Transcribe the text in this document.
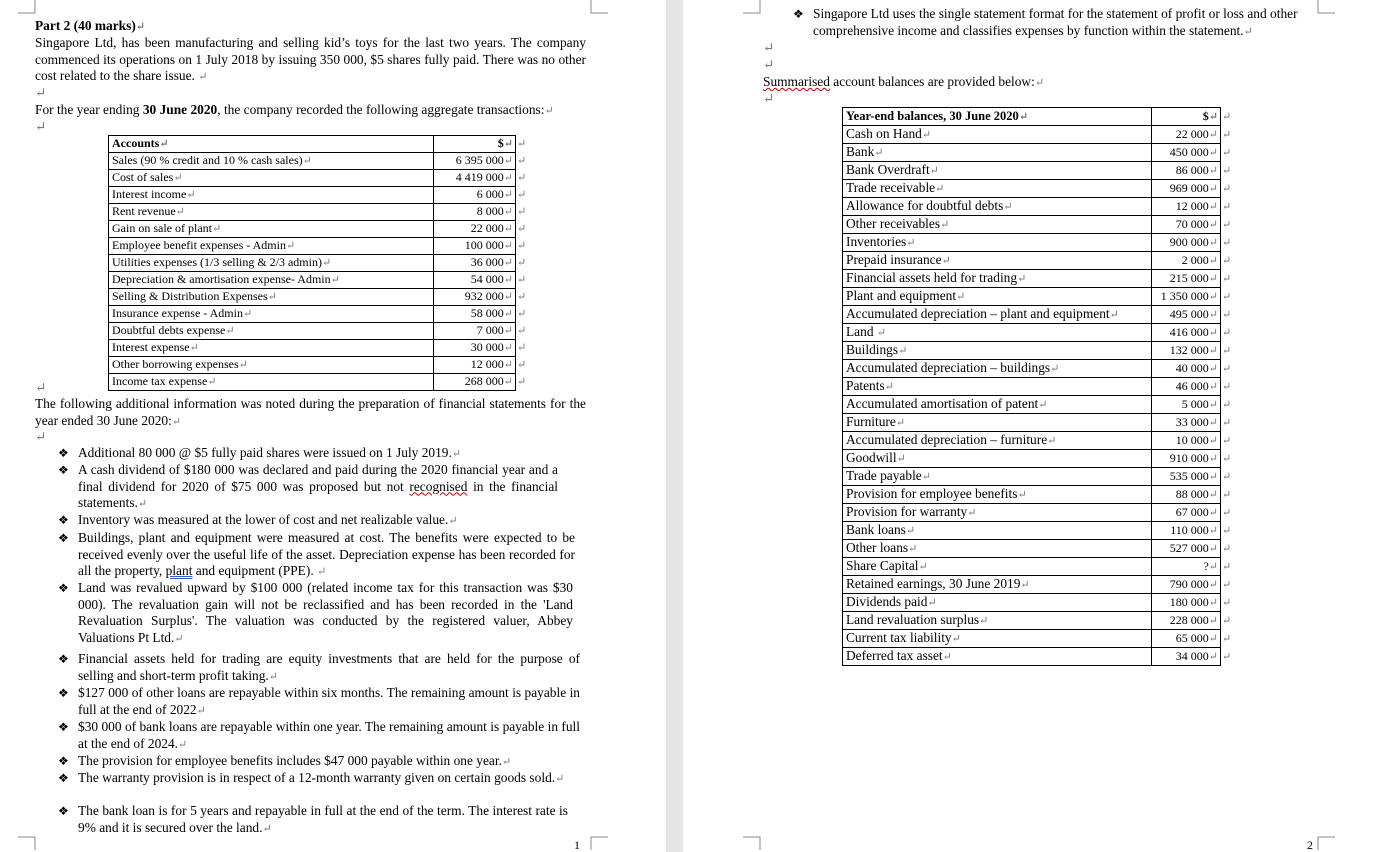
Part 2 (40 marks)↵
Singapore Ltd, has been manufacturing and selling kid’s toys for the last two years. The company commenced its operations on 1 July 2018 by issuing 350 000, $5 shares fully paid. There was no other cost related to the share issue. ↵
↵
For the year ending 30 June 2020, the company recorded the following aggregate transactions:↵
↵
Accounts↵	$↵	↵
Sales (90 % credit and 10 % cash sales)↵	6 395 000↵	↵
Cost of sales↵	4 419 000↵	↵
Interest income↵	6 000↵	↵
Rent revenue↵	8 000↵	↵
Gain on sale of plant↵	22 000↵	↵
Employee benefit expenses - Admin↵	100 000↵	↵
Utilities expenses (1/3 selling & 2/3 admin)↵	36 000↵	↵
Depreciation & amortisation expense- Admin↵	54 000↵	↵
Selling & Distribution Expenses↵	932 000↵	↵
Insurance expense - Admin↵	58 000↵	↵
Doubtful debts expense↵	7 000↵	↵
Interest expense↵	30 000↵	↵
Other borrowing expenses↵	12 000↵	↵
Income tax expense↵	268 000↵	↵
↵
The following additional information was noted during the preparation of financial statements for the year ended 30 June 2020:↵
↵
❖ Additional 80 000 @ $5 fully paid shares were issued on 1 July 2019.↵
❖ A cash dividend of $180 000 was declared and paid during the 2020 financial year and a final dividend for 2020 of $75 000 was proposed but not recognised in the financial statements.↵
❖ Inventory was measured at the lower of cost and net realizable value.↵
❖ Buildings, plant and equipment were measured at cost. The benefits were expected to be received evenly over the useful life of the asset. Depreciation expense has been recorded for all the property, plant and equipment (PPE). ↵
❖ Land was revalued upward by $100 000 (related income tax for this transaction was $30 000). The revaluation gain will not be reclassified and has been recorded in the 'Land Revaluation Surplus'. The valuation was conducted by the registered valuer, Abbey Valuations Pt Ltd.↵
❖ Financial assets held for trading are equity investments that are held for the purpose of selling and short-term profit taking.↵
❖ $127 000 of other loans are repayable within six months. The remaining amount is payable in full at the end of 2022↵
❖ $30 000 of bank loans are repayable within one year. The remaining amount is payable in full at the end of 2024.↵
❖ The provision for employee benefits includes $47 000 payable within one year.↵
❖ The warranty provision is in respect of a 12-month warranty given on certain goods sold.↵
❖ The bank loan is for 5 years and repayable in full at the end of the term. The interest rate is 9% and it is secured over the land.↵
1
❖ Singapore Ltd uses the single statement format for the statement of profit or loss and other comprehensive income and classifies expenses by function within the statement.↵
↵
↵
Summarised account balances are provided below:↵
↵
Year-end balances, 30 June 2020↵	$↵	↵
Cash on Hand↵	22 000↵	↵
Bank↵	450 000↵	↵
Bank Overdraft↵	86 000↵	↵
Trade receivable↵	969 000↵	↵
Allowance for doubtful debts↵	12 000↵	↵
Other receivables↵	70 000↵	↵
Inventories↵	900 000↵	↵
Prepaid insurance↵	2 000↵	↵
Financial assets held for trading↵	215 000↵	↵
Plant and equipment↵	1 350 000↵	↵
Accumulated depreciation – plant and equipment↵	495 000↵	↵
Land ↵	416 000↵	↵
Buildings↵	132 000↵	↵
Accumulated depreciation – buildings↵	40 000↵	↵
Patents↵	46 000↵	↵
Accumulated amortisation of patent↵	5 000↵	↵
Furniture↵	33 000↵	↵
Accumulated depreciation – furniture↵	10 000↵	↵
Goodwill↵	910 000↵	↵
Trade payable↵	535 000↵	↵
Provision for employee benefits↵	88 000↵	↵
Provision for warranty↵	67 000↵	↵
Bank loans↵	110 000↵	↵
Other loans↵	527 000↵	↵
Share Capital↵	?↵	↵
Retained earnings, 30 June 2019↵	790 000↵	↵
Dividends paid↵	180 000↵	↵
Land revaluation surplus↵	228 000↵	↵
Current tax liability↵	65 000↵	↵
Deferred tax asset↵	34 000↵	↵
2
